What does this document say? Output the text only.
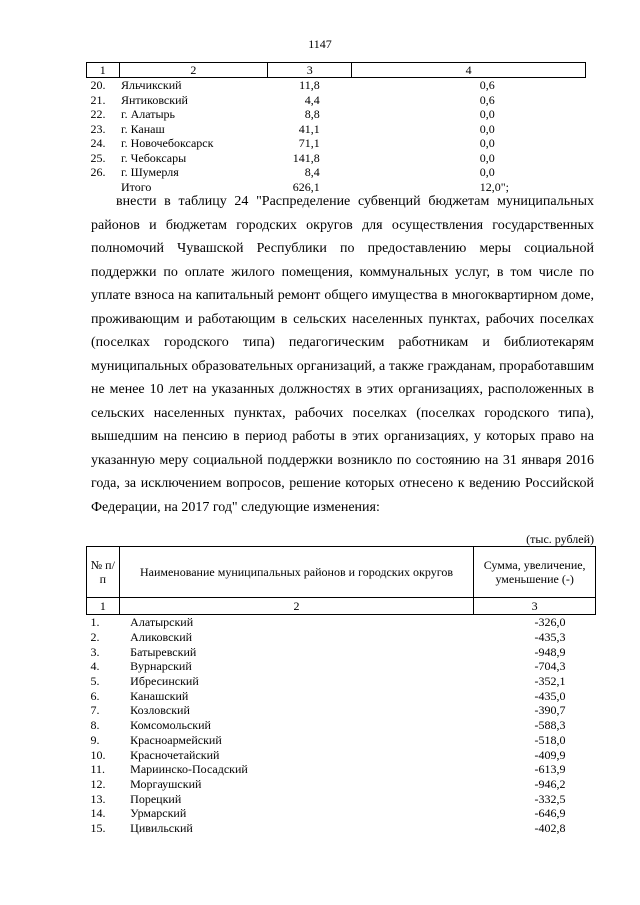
1147
1	2	3	4
20.	Яльчикский	11,8	0,6
21.	Янтиковский	4,4	0,6
22.	г. Алатырь	8,8	0,0
23.	г. Канаш	41,1	0,0
24.	г. Новочебоксарск	71,1	0,0
25.	г. Чебоксары	141,8	0,0
26.	г. Шумерля	8,4	0,0
	Итого	626,1	12,0";

внести в таблицу 24 "Распределение субвенций бюджетам муниципальных районов и бюджетам городских округов для осуществления государственных полномочий Чувашской Республики по предоставлению меры социальной поддержки по оплате жилого помещения, коммунальных услуг, в том числе по уплате взноса на капитальный ремонт общего имущества в многоквартирном доме, проживающим и работающим в сельских населенных пунктах, рабочих поселках (поселках городского типа) педагогическим работникам и библиотекарям муниципальных образовательных организаций, а также гражданам, проработавшим не менее 10 лет на указанных должностях в этих организациях, расположенных в сельских населенных пунктах, рабочих поселках (поселках городского типа), вышедшим на пенсию в период работы в этих организациях, у которых право на указанную меру социальной поддержки возникло по состоянию на 31 января 2016 года, за исключением вопросов, решение которых отнесено к ведению Российской Федерации, на 2017 год" следующие изменения:

(тыс. рублей)
№ п/п	Наименование муниципальных районов и городских округов	Сумма, увеличение, уменьшение (-)
1	2	3
1.	Алатырский	-326,0
2.	Аликовский	-435,3
3.	Батыревский	-948,9
4.	Вурнарский	-704,3
5.	Ибресинский	-352,1
6.	Канашский	-435,0
7.	Козловский	-390,7
8.	Комсомольский	-588,3
9.	Красноармейский	-518,0
10.	Красночетайский	-409,9
11.	Мариинско-Посадский	-613,9
12.	Моргаушский	-946,2
13.	Порецкий	-332,5
14.	Урмарский	-646,9
15.	Цивильский	-402,8
